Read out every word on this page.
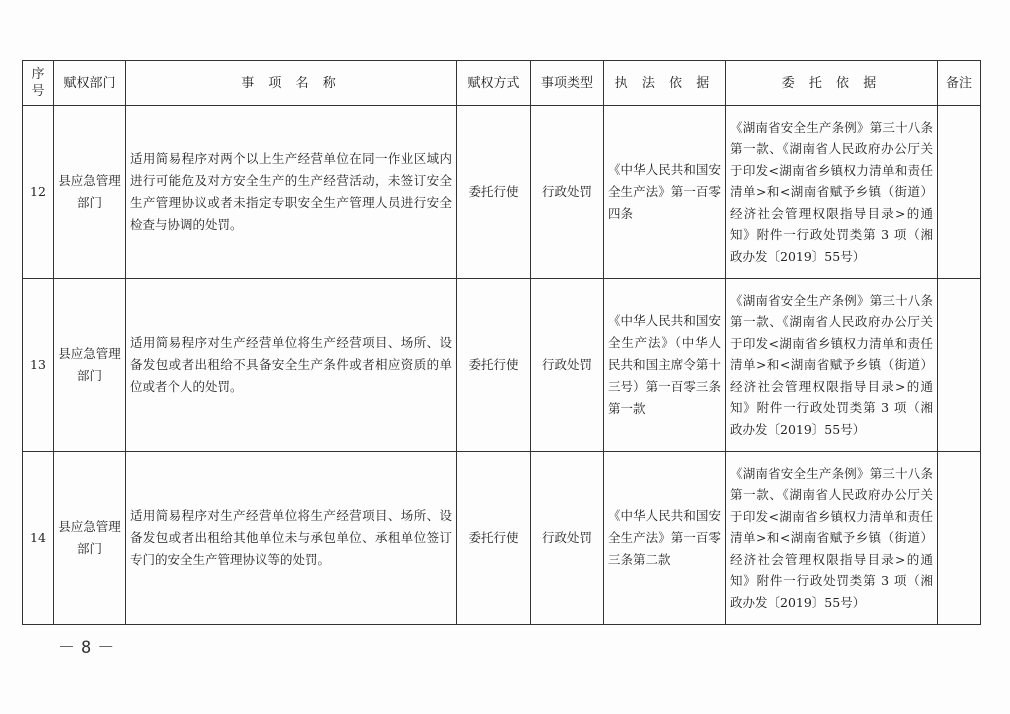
序号	赋权部门	事 项 名 称	赋权方式	事项类型	执 法 依 据	委 托 依 据	备注
12	县应急管理部门	适用简易程序对两个以上生产经营单位在同一作业区域内进行可能危及对方安全生产的生产经营活动，未签订安全生产管理协议或者未指定专职安全生产管理人员进行安全检查与协调的处罚。	委托行使	行政处罚	《中华人民共和国安全生产法》第一百零四条	《湖南省安全生产条例》第三十八条第一款、《湖南省人民政府办公厅关于印发<湖南省乡镇权力清单和责任清单>和<湖南省赋予乡镇（街道）经济社会管理权限指导目录>的通知》附件一行政处罚类第 3 项（湘政办发〔2019〕55号）	
13	县应急管理部门	适用简易程序对生产经营单位将生产经营项目、场所、设备发包或者出租给不具备安全生产条件或者相应资质的单位或者个人的处罚。	委托行使	行政处罚	《中华人民共和国安全生产法》（中华人民共和国主席令第十三号）第一百零三条第一款	《湖南省安全生产条例》第三十八条第一款、《湖南省人民政府办公厅关于印发<湖南省乡镇权力清单和责任清单>和<湖南省赋予乡镇（街道）经济社会管理权限指导目录>的通知》附件一行政处罚类第 3 项（湘政办发〔2019〕55号）	
14	县应急管理部门	适用简易程序对生产经营单位将生产经营项目、场所、设备发包或者出租给其他单位未与承包单位、承租单位签订专门的安全生产管理协议等的处罚。	委托行使	行政处罚	《中华人民共和国安全生产法》第一百零三条第二款	《湖南省安全生产条例》第三十八条第一款、《湖南省人民政府办公厅关于印发<湖南省乡镇权力清单和责任清单>和<湖南省赋予乡镇（街道）经济社会管理权限指导目录>的通知》附件一行政处罚类第 3 项（湘政办发〔2019〕55号）	
－8－
